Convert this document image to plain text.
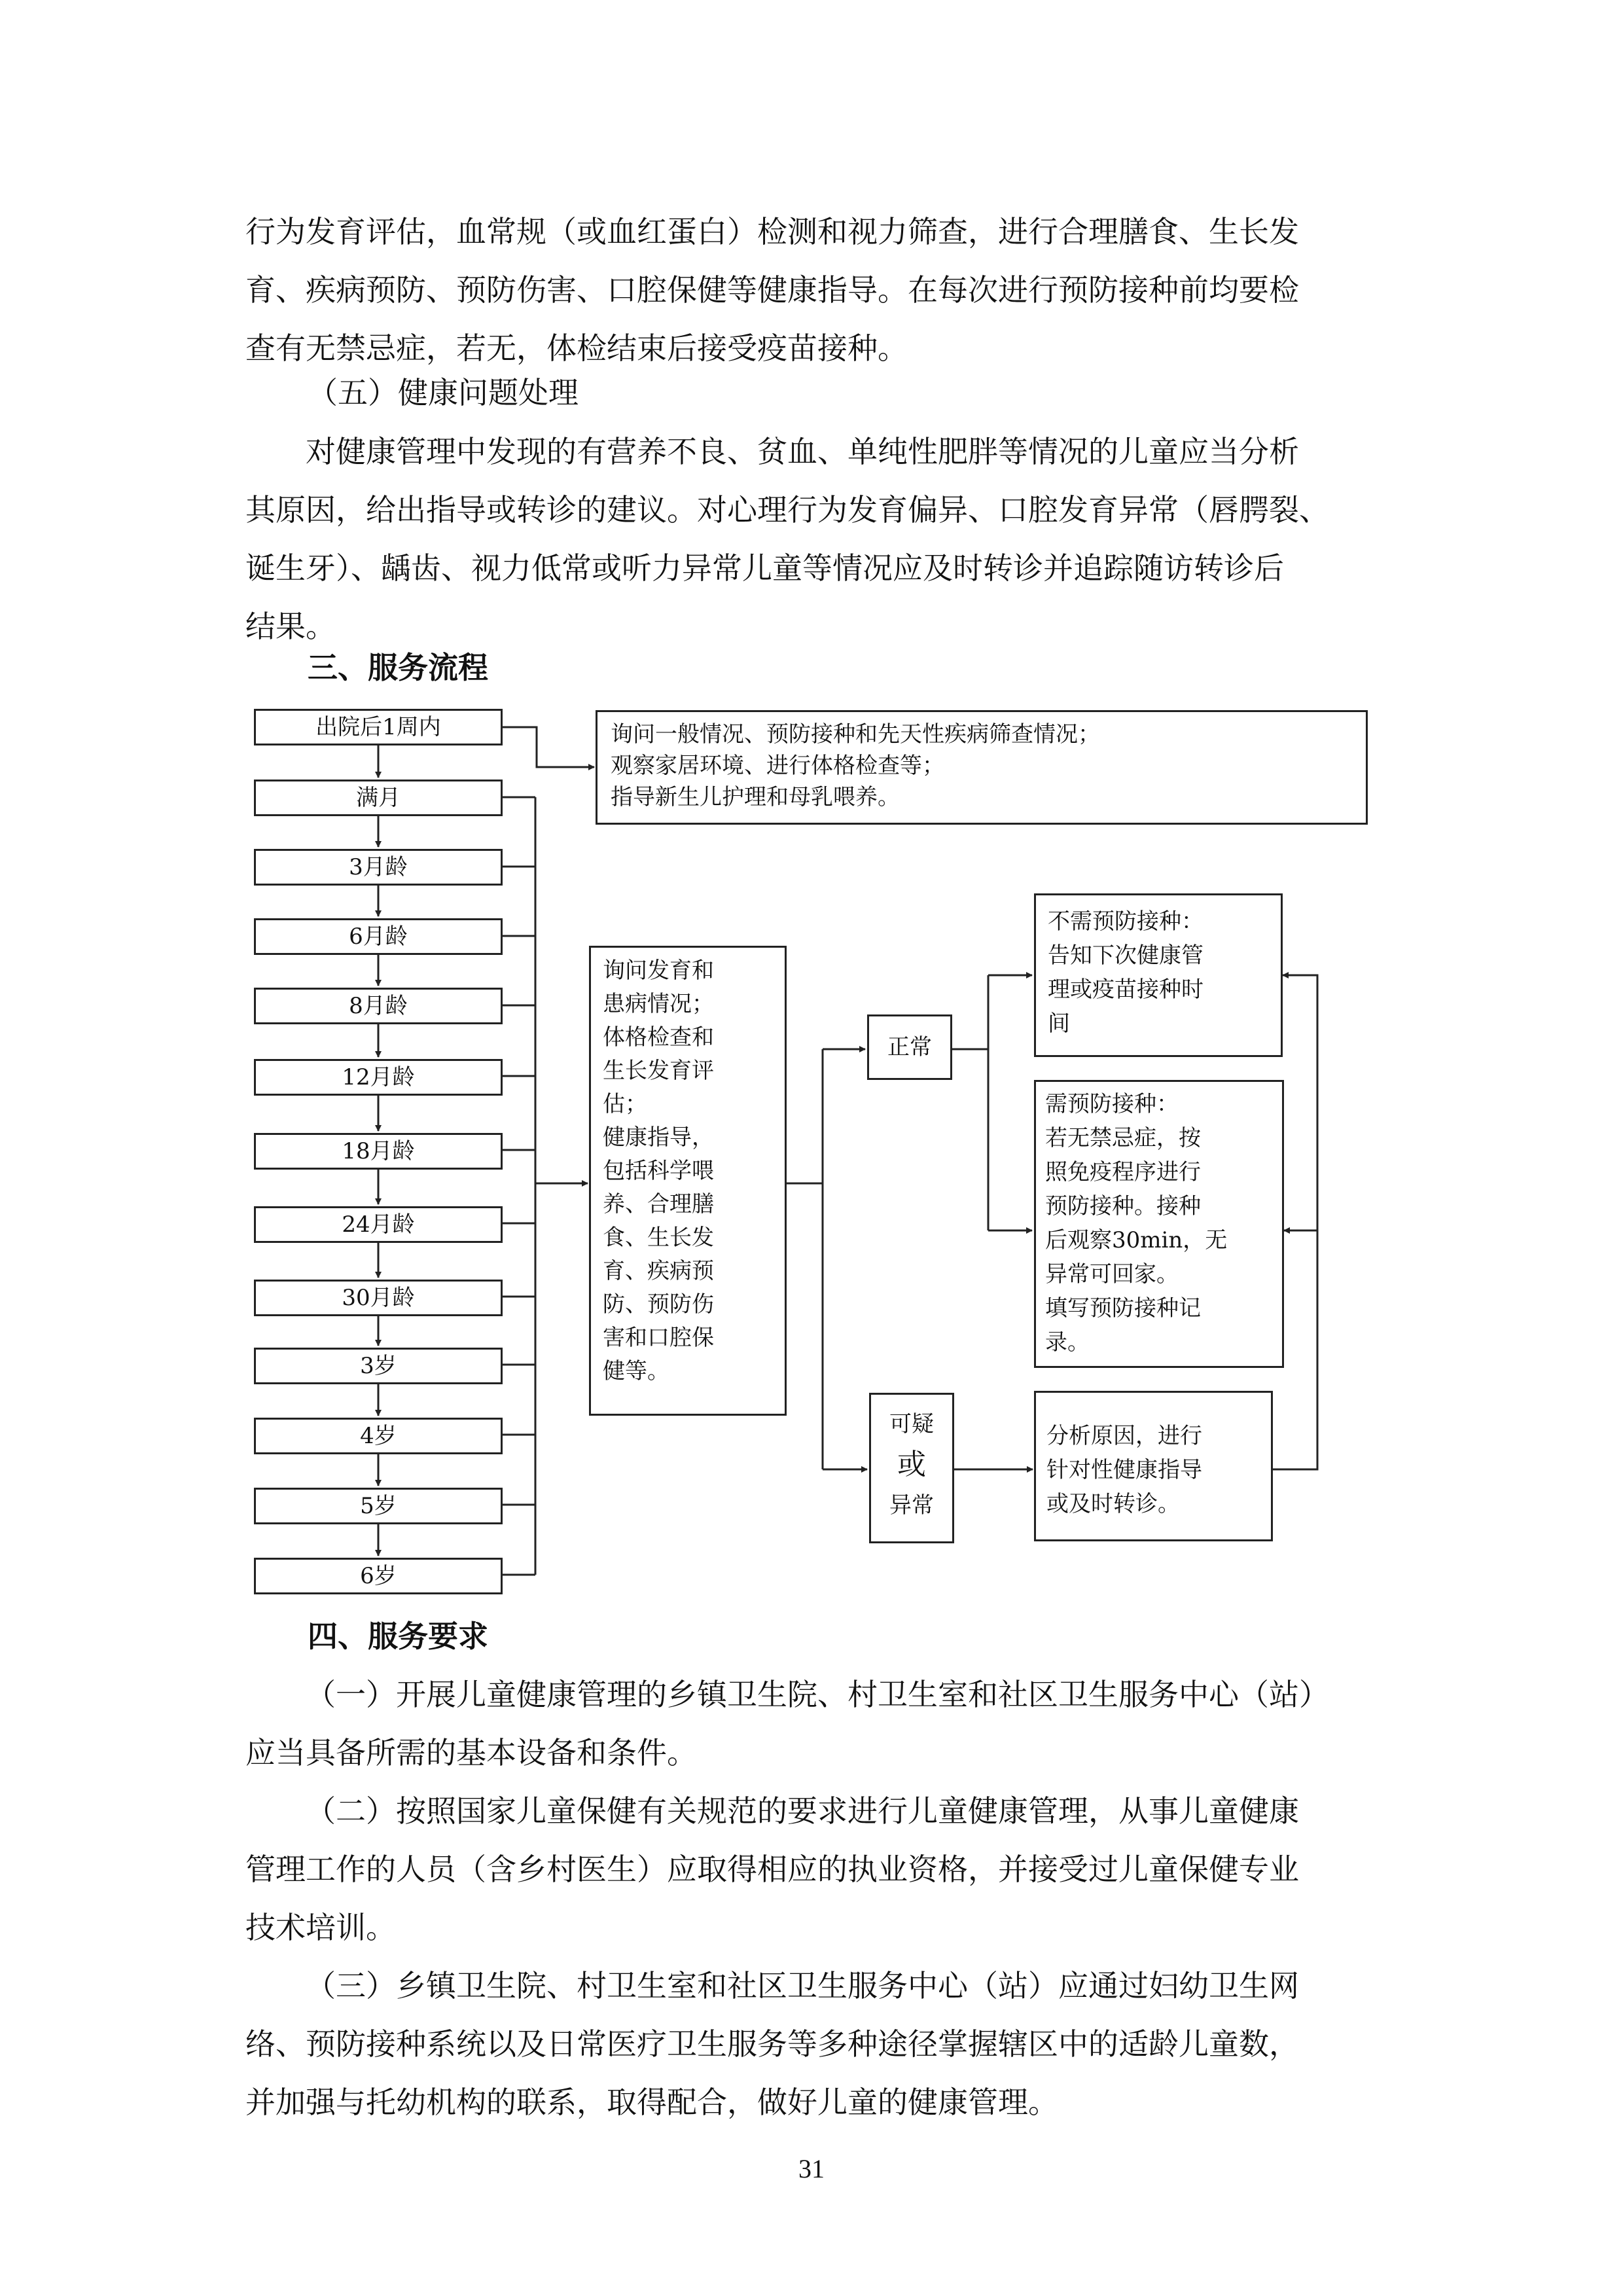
行为发育评估，血常规（或血红蛋白）检测和视力筛查，进行合理膳食、生长发
育、疾病预防、预防伤害、口腔保健等健康指导。在每次进行预防接种前均要检
查有无禁忌症，若无，体检结束后接受疫苗接种。
（五）健康问题处理
对健康管理中发现的有营养不良、贫血、单纯性肥胖等情况的儿童应当分析
其原因，给出指导或转诊的建议。对心理行为发育偏异、口腔发育异常（唇腭裂、
诞生牙）、龋齿、视力低常或听力异常儿童等情况应及时转诊并追踪随访转诊后
结果。
三、服务流程
出院后1周内
满月
3月龄
6月龄
8月龄
12月龄
18月龄
24月龄
30月龄
3岁
4岁
5岁
6岁
询问一般情况、预防接种和先天性疾病筛查情况；
观察家居环境、进行体格检查等；
指导新生儿护理和母乳喂养。
询问发育和
患病情况；
体格检查和
生长发育评
估；
健康指导，
包括科学喂
养、合理膳
食、生长发
育、疾病预
防、预防伤
害和口腔保
健等。
正常
可疑
或
异常
不需预防接种：
告知下次健康管
理或疫苗接种时
间
需预防接种：
若无禁忌症，按
照免疫程序进行
预防接种。接种
后观察30min，无
异常可回家。
填写预防接种记
录。
分析原因，进行
针对性健康指导
或及时转诊。
四、服务要求
（一）开展儿童健康管理的乡镇卫生院、村卫生室和社区卫生服务中心（站）
应当具备所需的基本设备和条件。
（二）按照国家儿童保健有关规范的要求进行儿童健康管理，从事儿童健康
管理工作的人员（含乡村医生）应取得相应的执业资格，并接受过儿童保健专业
技术培训。
（三）乡镇卫生院、村卫生室和社区卫生服务中心（站）应通过妇幼卫生网
络、预防接种系统以及日常医疗卫生服务等多种途径掌握辖区中的适龄儿童数，
并加强与托幼机构的联系，取得配合，做好儿童的健康管理。
31
